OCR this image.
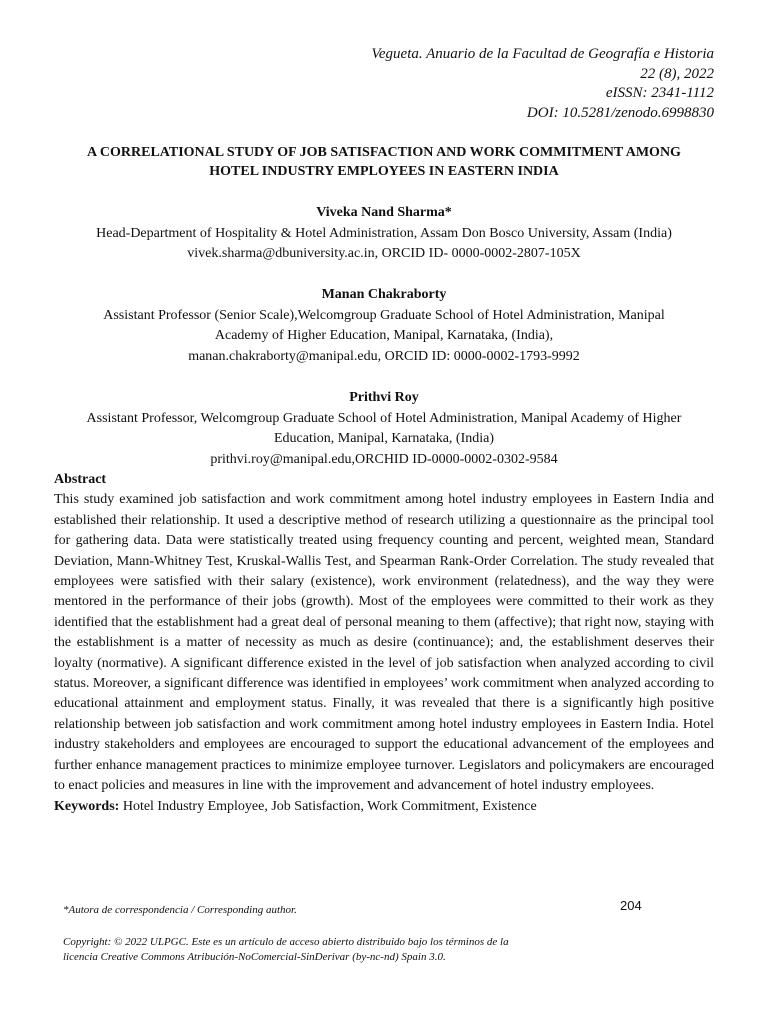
Vegueta. Anuario de la Facultad de Geografía e Historia
22 (8), 2022
eISSN: 2341-1112
DOI: 10.5281/zenodo.6998830
A CORRELATIONAL STUDY OF JOB SATISFACTION AND WORK COMMITMENT AMONG
HOTEL INDUSTRY EMPLOYEES IN EASTERN INDIA
Viveka Nand Sharma*
Head-Department of Hospitality & Hotel Administration, Assam Don Bosco University, Assam (India)
vivek.sharma@dbuniversity.ac.in, ORCID ID- 0000-0002-2807-105X
Manan Chakraborty
Assistant Professor (Senior Scale),Welcomgroup Graduate School of Hotel Administration, Manipal
Academy of Higher Education, Manipal, Karnataka, (India),
manan.chakraborty@manipal.edu, ORCID ID: 0000-0002-1793-9992
Prithvi Roy
Assistant Professor, Welcomgroup Graduate School of Hotel Administration, Manipal Academy of Higher
Education, Manipal, Karnataka, (India)
prithvi.roy@manipal.edu,ORCHID ID-0000-0002-0302-9584
Abstract
This study examined job satisfaction and work commitment among hotel industry employees in Eastern India and established their relationship. It used a descriptive method of research utilizing a questionnaire as the principal tool for gathering data. Data were statistically treated using frequency counting and percent, weighted mean, Standard Deviation, Mann-Whitney Test, Kruskal-Wallis Test, and Spearman Rank-Order Correlation. The study revealed that employees were satisfied with their salary (existence), work environment (relatedness), and the way they were mentored in the performance of their jobs (growth). Most of the employees were committed to their work as they identified that the establishment had a great deal of personal meaning to them (affective); that right now, staying with the establishment is a matter of necessity as much as desire (continuance); and, the establishment deserves their loyalty (normative). A significant difference existed in the level of job satisfaction when analyzed according to civil status. Moreover, a significant difference was identified in employees’ work commitment when analyzed according to educational attainment and employment status. Finally, it was revealed that there is a significantly high positive relationship between job satisfaction and work commitment among hotel industry employees in Eastern India. Hotel industry stakeholders and employees are encouraged to support the educational advancement of the employees and further enhance management practices to minimize employee turnover. Legislators and policymakers are encouraged to enact policies and measures in line with the improvement and advancement of hotel industry employees.
Keywords: Hotel Industry Employee, Job Satisfaction, Work Commitment, Existence
*Autora de correspondencia / Corresponding author.	204
Copyright: © 2022 ULPGC. Este es un artículo de acceso abierto distribuido bajo los términos de la
licencia Creative Commons Atribución-NoComercial-SinDerivar (by-nc-nd) Spain 3.0.
